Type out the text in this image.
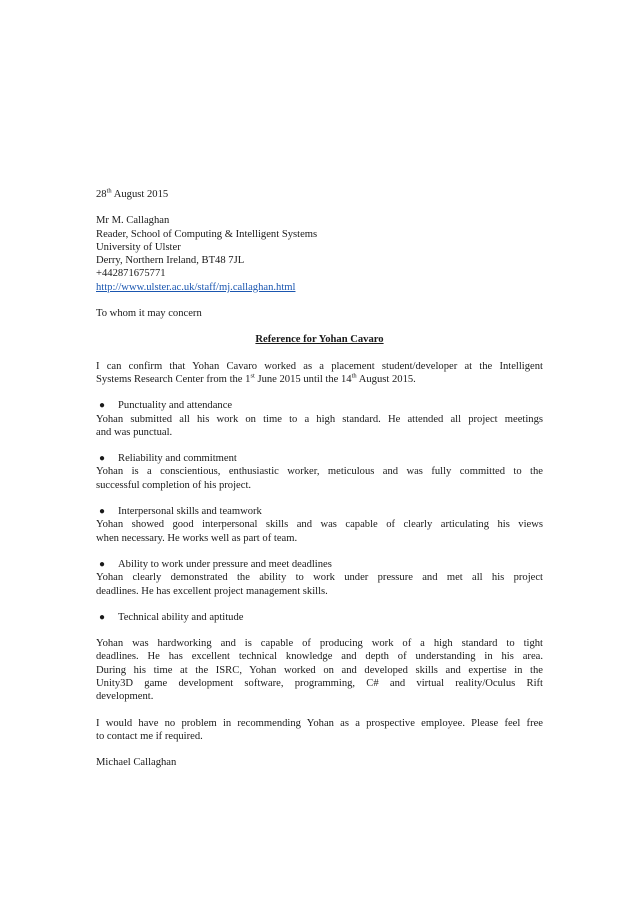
28th August 2015
Mr M. Callaghan
Reader, School of Computing & Intelligent Systems
University of Ulster
Derry, Northern Ireland, BT48 7JL
+442871675771
http://www.ulster.ac.uk/staff/mj.callaghan.html
To whom it may concern
Reference for Yohan Cavaro
I can confirm that Yohan Cavaro worked as a placement student/developer at the Intelligent
Systems Research Center from the 1st June 2015 until the 14th August 2015.
●	Punctuality and attendance
Yohan submitted all his work on time to a high standard. He attended all project meetings
and was punctual.
●	Reliability and commitment
Yohan is a conscientious, enthusiastic worker, meticulous and was fully committed to the
successful completion of his project.
●	Interpersonal skills and teamwork
Yohan showed good interpersonal skills and was capable of clearly articulating his views
when necessary. He works well as part of team.
●	Ability to work under pressure and meet deadlines
Yohan clearly demonstrated the ability to work under pressure and met all his project
deadlines. He has excellent project management skills.
●	Technical ability and aptitude
Yohan was hardworking and is capable of producing work of a high standard to tight
deadlines. He has excellent technical knowledge and depth of understanding in his area.
During his time at the ISRC, Yohan worked on and developed skills and expertise in the
Unity3D game development software, programming, C# and virtual reality/Oculus Rift
development.
I would have no problem in recommending Yohan as a prospective employee. Please feel free
to contact me if required.
Michael Callaghan
